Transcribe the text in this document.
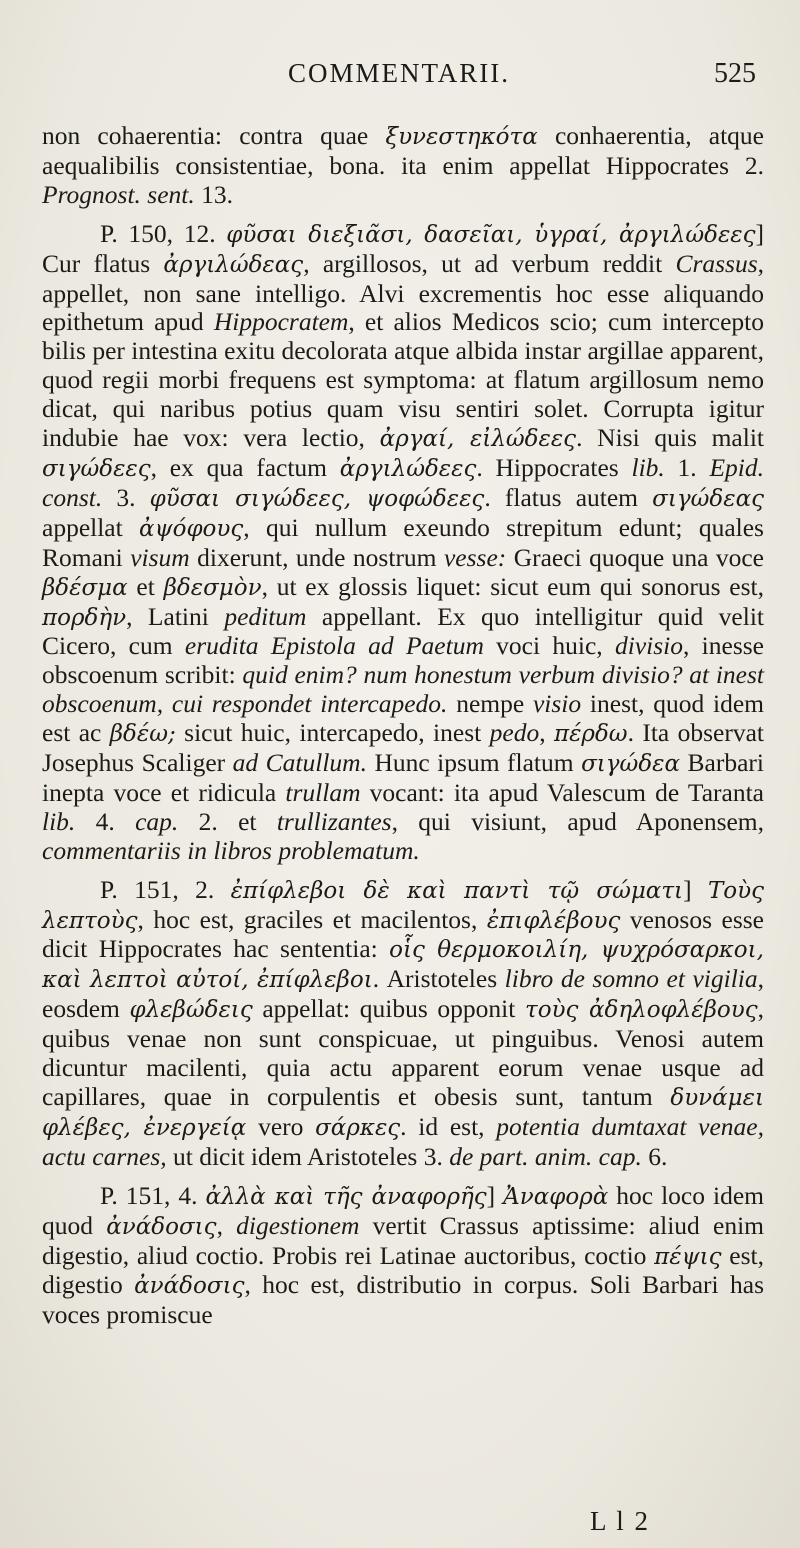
COMMENTARII.	525

non cohaerentia: contra quae ξυνεστηκότα conhaerentia, atque aequalibilis consistentiae, bona. ita enim appellat Hippocrates 2. Prognost. sent. 13.

P. 150, 12. φῦσαι διεξιᾶσι, δασεῖαι, ὑγραί, ἀργιλώδεες] Cur flatus ἀργιλώδεας, argillosos, ut ad verbum reddit Crassus, appellet, non sane intelligo. Alvi excrementis hoc esse aliquando epithetum apud Hippocratem, et alios Medicos scio; cum intercepto bilis per intestina exitu decolorata atque albida instar argillae apparent, quod regii morbi frequens est symptoma: at flatum argillosum nemo dicat, qui naribus potius quam visu sentiri solet. Corrupta igitur indubie hae vox: vera lectio, ἀργαί, εἰλώδεες. Nisi quis malit σιγώδεες, ex qua factum ἀργιλώδεες. Hippocrates lib. 1. Epid. const. 3. φῦσαι σιγώδεες, ψοφώδεες. flatus autem σιγώδεας appellat ἀψόφους, qui nullum exeundo strepitum edunt; quales Romani visum dixerunt, unde nostrum vesse: Graeci quoque una voce βδέσμα et βδεσμὸν, ut ex glossis liquet: sicut eum qui sonorus est, πορδὴν, Latini peditum appellant. Ex quo intelligitur quid velit Cicero, cum erudita Epistola ad Paetum voci huic, divisio, inesse obscoenum scribit: quid enim? num honestum verbum divisio? at inest obscoenum, cui respondet intercapedo. nempe visio inest, quod idem est ac βδέω; sicut huic, intercapedo, inest pedo, πέρδω. Ita observat Josephus Scaliger ad Catullum. Hunc ipsum flatum σιγώδεα Barbari inepta voce et ridicula trullam vocant: ita apud Valescum de Taranta lib. 4. cap. 2. et trullizantes, qui visiunt, apud Aponensem, commentariis in libros problematum.

P. 151, 2. ἐπίφλεβοι δὲ καὶ παντὶ τῷ σώματι] Τοὺς λεπτοὺς, hoc est, graciles et macilentos, ἐπιφλέβους venosos esse dicit Hippocrates hac sententia: οἷς θερμοκοιλίη, ψυχρόσαρκοι, καὶ λεπτοὶ αὐτοί, ἐπίφλεβοι. Aristoteles libro de somno et vigilia, eosdem φλεβώδεις appellat: quibus opponit τοὺς ἀδηλοφλέβους, quibus venae non sunt conspicuae, ut pinguibus. Venosi autem dicuntur macilenti, quia actu apparent eorum venae usque ad capillares, quae in corpulentis et obesis sunt, tantum δυνάμει φλέβες, ἐνεργείᾳ vero σάρκες. id est, potentia dumtaxat venae, actu carnes, ut dicit idem Aristoteles 3. de part. anim. cap. 6.

P. 151, 4. ἀλλὰ καὶ τῆς ἀναφορῆς] Ἀναφορὰ hoc loco idem quod ἀνάδοσις, digestionem vertit Crassus aptissime: aliud enim digestio, aliud coctio. Probis rei Latinae auctoribus, coctio πέψις est, digestio ἀνάδοσις, hoc est, distributio in corpus. Soli Barbari has voces promiscue

L l 2
